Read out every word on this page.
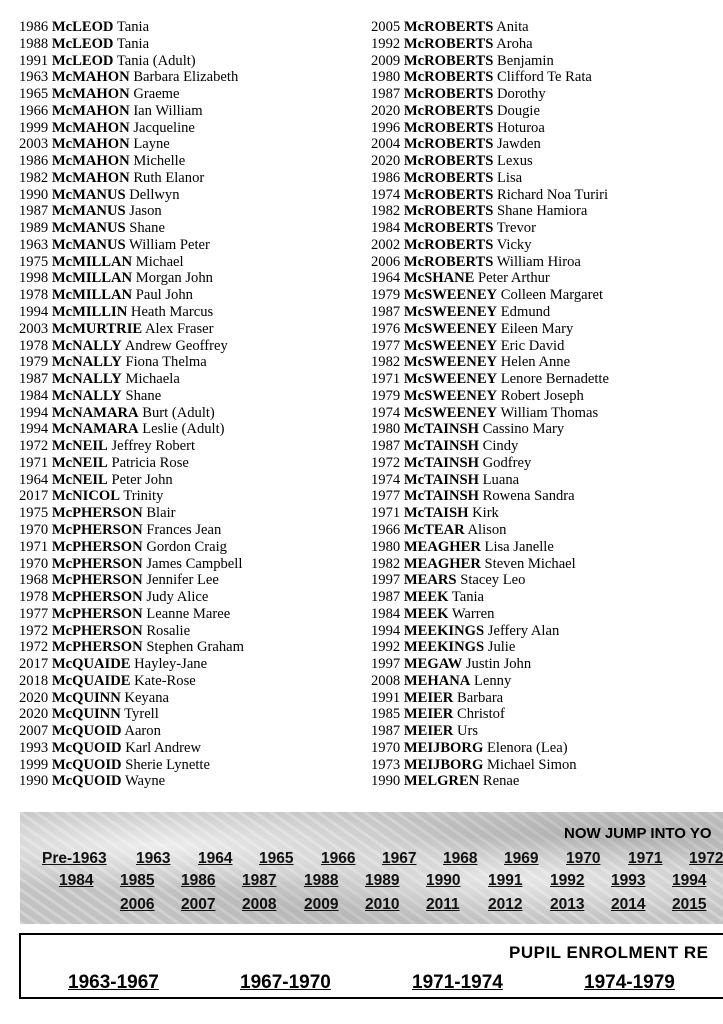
1986 McLEOD Tania
1988 McLEOD Tania
1991 McLEOD Tania (Adult)
1963 McMAHON Barbara Elizabeth
1965 McMAHON Graeme
1966 McMAHON Ian William
1999 McMAHON Jacqueline
2003 McMAHON Layne
1986 McMAHON Michelle
1982 McMAHON Ruth Elanor
1990 McMANUS Dellwyn
1987 McMANUS Jason
1989 McMANUS Shane
1963 McMANUS William Peter
1975 McMILLAN Michael
1998 McMILLAN Morgan John
1978 McMILLAN Paul John
1994 McMILLIN Heath Marcus
2003 McMURTRIE Alex Fraser
1978 McNALLY Andrew Geoffrey
1979 McNALLY Fiona Thelma
1987 McNALLY Michaela
1984 McNALLY Shane
1994 McNAMARA Burt (Adult)
1994 McNAMARA Leslie (Adult)
1972 McNEIL Jeffrey Robert
1971 McNEIL Patricia Rose
1964 McNEIL Peter John
2017 McNICOL Trinity
1975 McPHERSON Blair
1970 McPHERSON Frances Jean
1971 McPHERSON Gordon Craig
1970 McPHERSON James Campbell
1968 McPHERSON Jennifer Lee
1978 McPHERSON Judy Alice
1977 McPHERSON Leanne Maree
1972 McPHERSON Rosalie
1972 McPHERSON Stephen Graham
2017 McQUAIDE Hayley-Jane
2018 McQUAIDE Kate-Rose
2020 McQUINN Keyana
2020 McQUINN Tyrell
2007 McQUOID Aaron
1993 McQUOID Karl Andrew
1999 McQUOID Sherie Lynette
1990 McQUOID Wayne
2005 McROBERTS Anita
1992 McROBERTS Aroha
2009 McROBERTS Benjamin
1980 McROBERTS Clifford Te Rata
1987 McROBERTS Dorothy
2020 McROBERTS Dougie
1996 McROBERTS Hoturoa
2004 McROBERTS Jawden
2020 McROBERTS Lexus
1986 McROBERTS Lisa
1974 McROBERTS Richard Noa Turiri
1982 McROBERTS Shane Hamiora
1984 McROBERTS Trevor
2002 McROBERTS Vicky
2006 McROBERTS William Hiroa
1964 McSHANE Peter Arthur
1979 McSWEENEY Colleen Margaret
1987 McSWEENEY Edmund
1976 McSWEENEY Eileen Mary
1977 McSWEENEY Eric David
1982 McSWEENEY Helen Anne
1971 McSWEENEY Lenore Bernadette
1979 McSWEENEY Robert Joseph
1974 McSWEENEY William Thomas
1980 McTAINSH Cassino Mary
1987 McTAINSH Cindy
1972 McTAINSH Godfrey
1974 McTAINSH Luana
1977 McTAINSH Rowena Sandra
1971 McTAISH Kirk
1966 McTEAR Alison
1980 MEAGHER Lisa Janelle
1982 MEAGHER Steven Michael
1997 MEARS Stacey Leo
1987 MEEK Tania
1984 MEEK Warren
1994 MEEKINGS Jeffery Alan
1992 MEEKINGS Julie
1997 MEGAW Justin John
2008 MEHANA Lenny
1991 MEIER Barbara
1985 MEIER Christof
1987 MEIER Urs
1970 MEIJBORG Elenora (Lea)
1973 MEIJBORG Michael Simon
1990 MELGREN Renae
NOW JUMP INTO YO
Pre-1963 1963 1964 1965 1966 1967 1968 1969 1970 1971 1972
1984 1985 1986 1987 1988 1989 1990 1991 1992 1993 1994
2006 2007 2008 2009 2010 2011 2012 2013 2014 2015
PUPIL ENROLMENT RE
1963-1967	1967-1970	1971-1974	1974-1979
